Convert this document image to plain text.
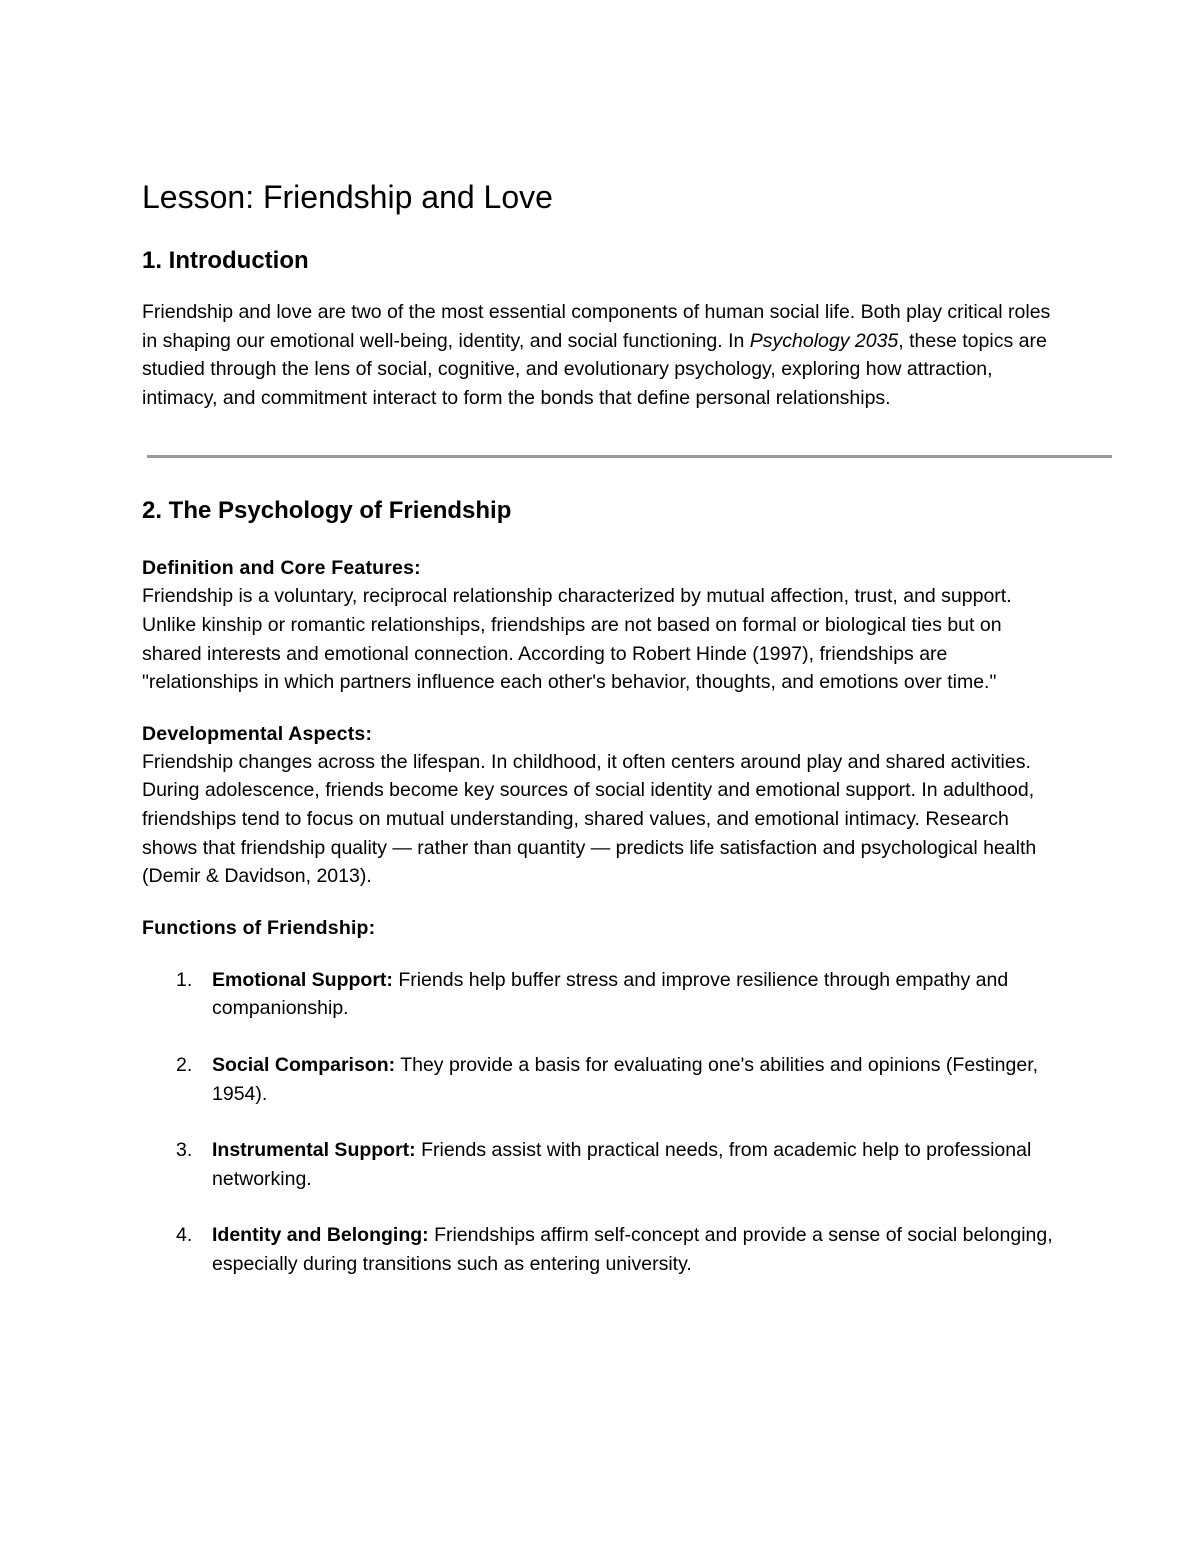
Lesson: Friendship and Love
1. Introduction

Friendship and love are two of the most essential components of human social life. Both play critical roles in shaping our emotional well-being, identity, and social functioning. In Psychology 2035, these topics are studied through the lens of social, cognitive, and evolutionary psychology, exploring how attraction, intimacy, and commitment interact to form the bonds that define personal relationships.

2. The Psychology of Friendship

Definition and Core Features:

Friendship is a voluntary, reciprocal relationship characterized by mutual affection, trust, and support. Unlike kinship or romantic relationships, friendships are not based on formal or biological ties but on shared interests and emotional connection. According to Robert Hinde (1997), friendships are "relationships in which partners influence each other's behavior, thoughts, and emotions over time."

Developmental Aspects:

Friendship changes across the lifespan. In childhood, it often centers around play and shared activities. During adolescence, friends become key sources of social identity and emotional support. In adulthood, friendships tend to focus on mutual understanding, shared values, and emotional intimacy. Research shows that friendship quality — rather than quantity — predicts life satisfaction and psychological health (Demir & Davidson, 2013).

Functions of Friendship:

1. Emotional Support: Friends help buffer stress and improve resilience through empathy and companionship.
2. Social Comparison: They provide a basis for evaluating one's abilities and opinions (Festinger, 1954).
3. Instrumental Support: Friends assist with practical needs, from academic help to professional networking.
4. Identity and Belonging: Friendships affirm self-concept and provide a sense of social belonging, especially during transitions such as entering university.
